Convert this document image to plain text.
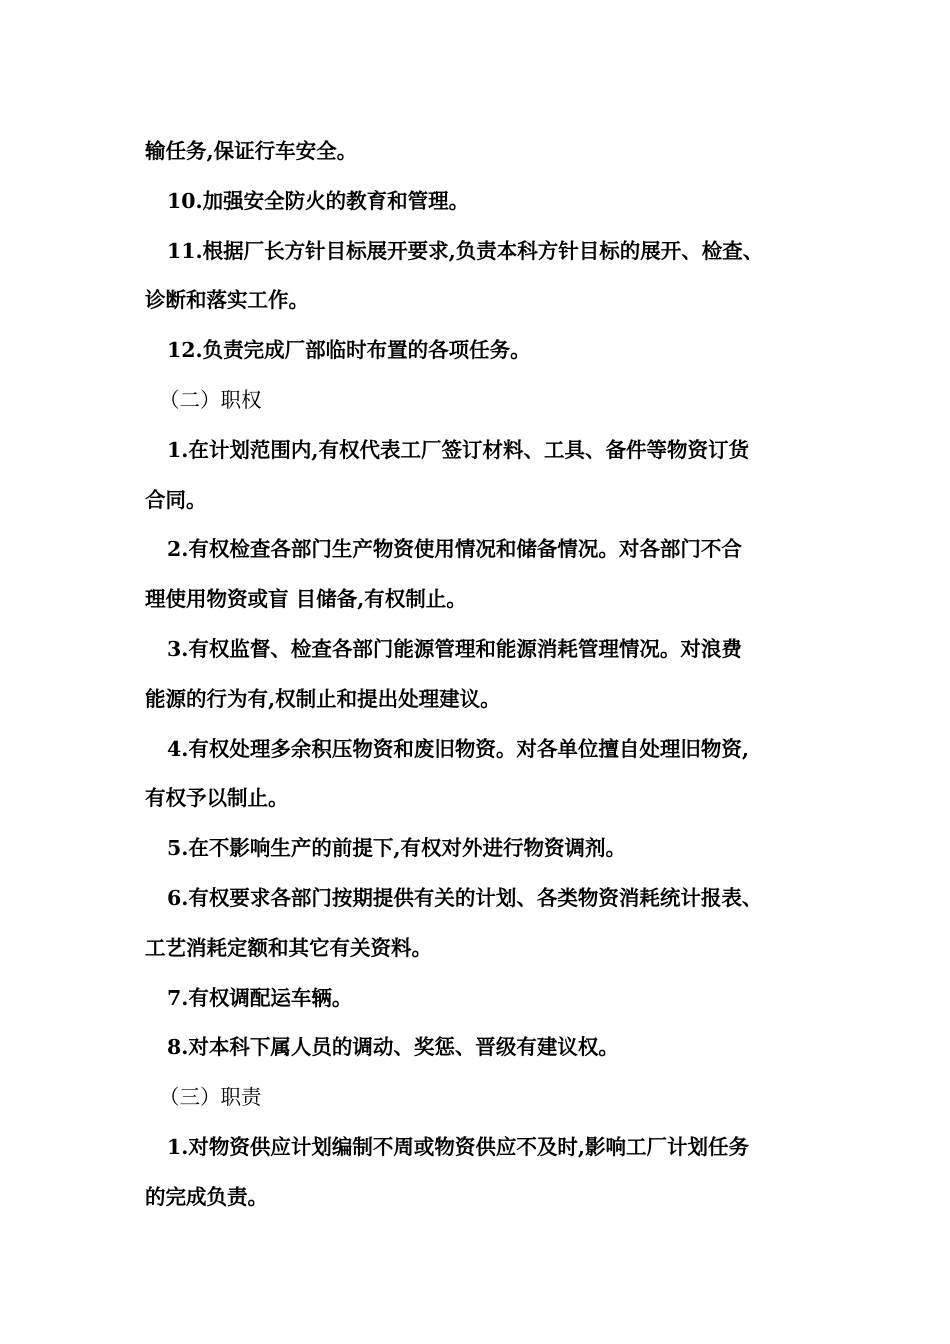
输任务,保证行车安全。
10.加强安全防火的教育和管理。
11.根据厂长方针目标展开要求,负责本科方针目标的展开、检查、
诊断和落实工作。
12.负责完成厂部临时布置的各项任务。
（二）职权
1.在计划范围内,有权代表工厂签订材料、工具、备件等物资订货
合同。
2.有权检查各部门生产物资使用情况和储备情况。对各部门不合
理使用物资或盲 目储备,有权制止。
3.有权监督、检查各部门能源管理和能源消耗管理情况。对浪费
能源的行为有,权制止和提出处理建议。
4.有权处理多余积压物资和废旧物资。对各单位擅自处理旧物资,
有权予以制止。
5.在不影响生产的前提下,有权对外进行物资调剂。
6.有权要求各部门按期提供有关的计划、各类物资消耗统计报表、
工艺消耗定额和其它有关资料。
7.有权调配运车辆。
8.对本科下属人员的调动、奖惩、晋级有建议权。
（三）职责
1.对物资供应计划编制不周或物资供应不及时,影响工厂计划任务
的完成负责。
